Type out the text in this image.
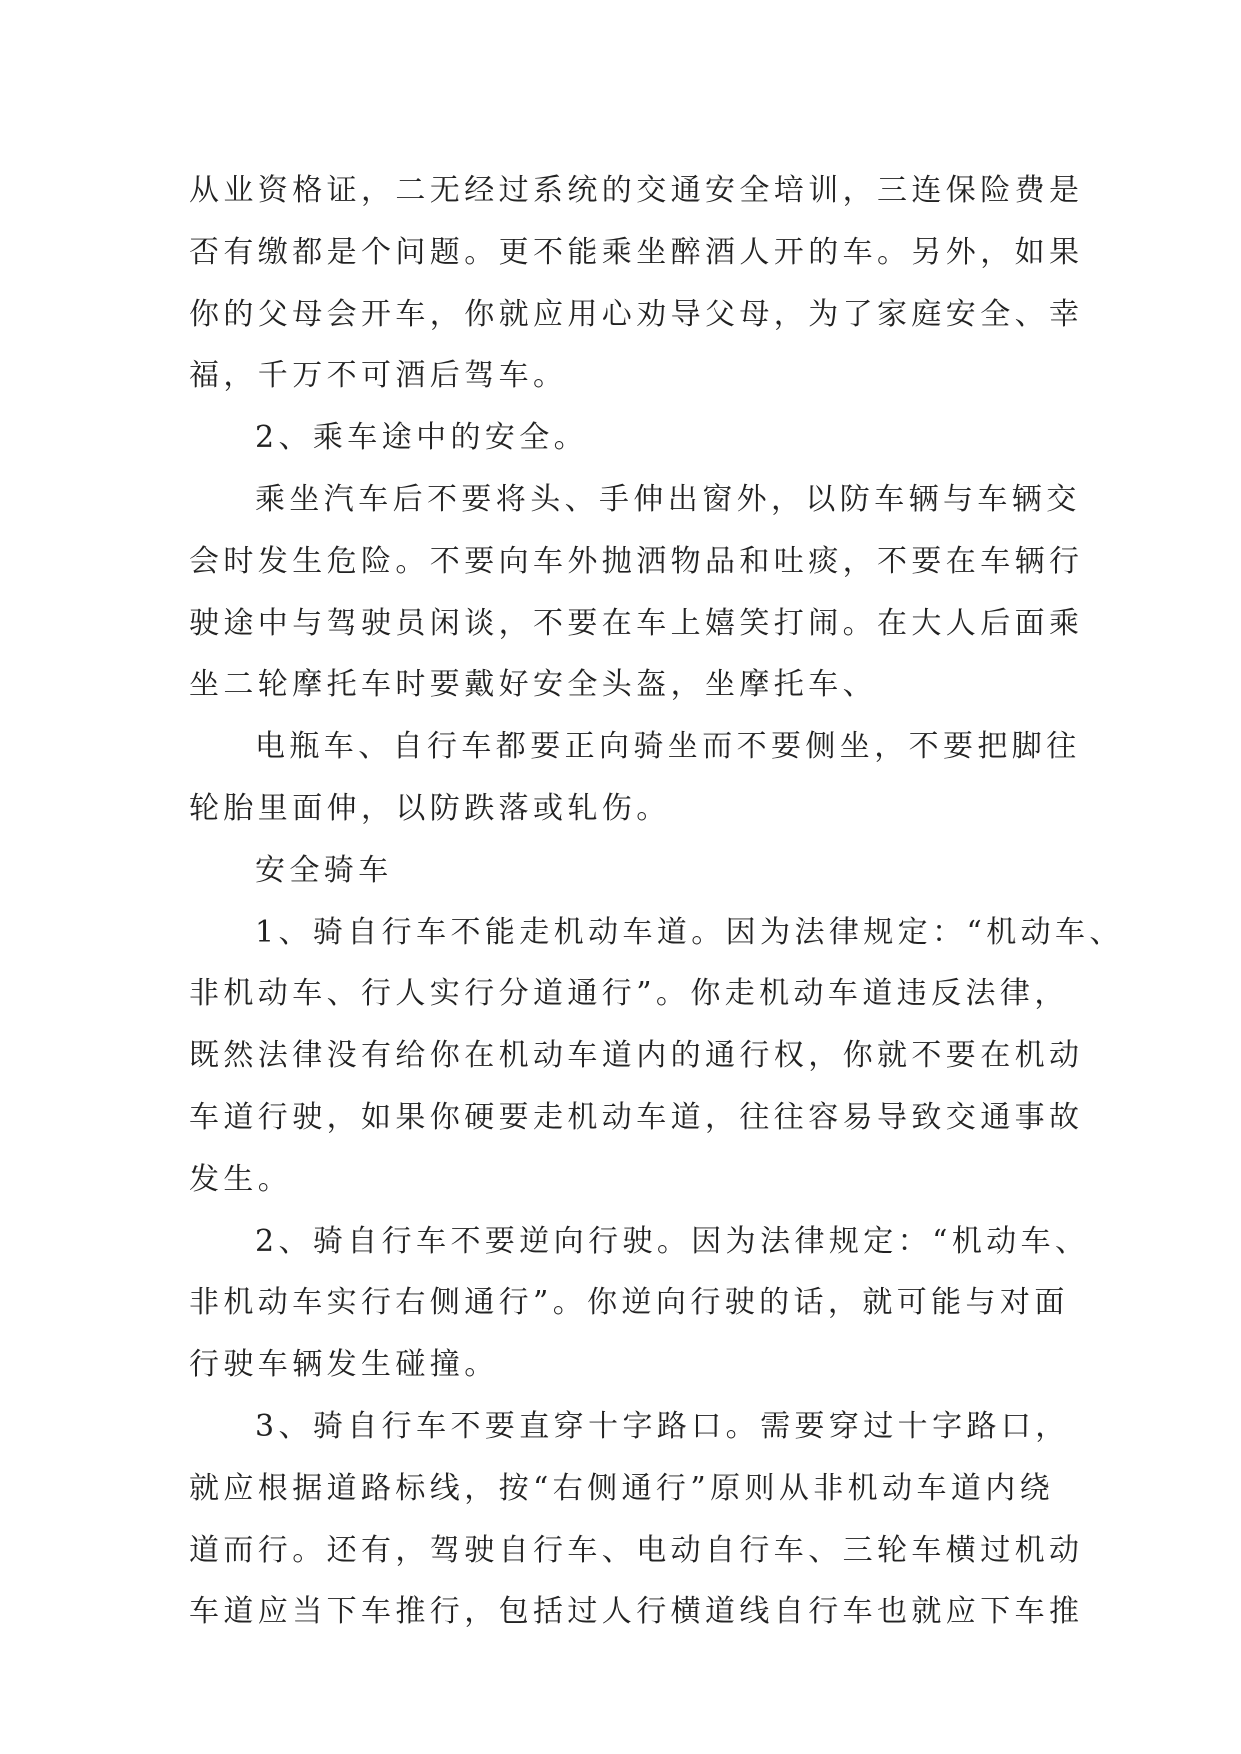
从业资格证，二无经过系统的交通安全培训，三连保险费是
否有缴都是个问题。更不能乘坐醉酒人开的车。另外，如果
你的父母会开车，你就应用心劝导父母，为了家庭安全、幸
福，千万不可酒后驾车。
2、乘车途中的安全。
乘坐汽车后不要将头、手伸出窗外，以防车辆与车辆交
会时发生危险。不要向车外抛洒物品和吐痰，不要在车辆行
驶途中与驾驶员闲谈，不要在车上嬉笑打闹。在大人后面乘
坐二轮摩托车时要戴好安全头盔，坐摩托车、
电瓶车、自行车都要正向骑坐而不要侧坐，不要把脚往
轮胎里面伸，以防跌落或轧伤。
安全骑车
1、骑自行车不能走机动车道。因为法律规定：“机动车、
非机动车、行人实行分道通行”。你走机动车道违反法律，
既然法律没有给你在机动车道内的通行权，你就不要在机动
车道行驶，如果你硬要走机动车道，往往容易导致交通事故
发生。
2、骑自行车不要逆向行驶。因为法律规定：“机动车、
非机动车实行右侧通行”。你逆向行驶的话，就可能与对面
行驶车辆发生碰撞。
3、骑自行车不要直穿十字路口。需要穿过十字路口，
就应根据道路标线，按“右侧通行”原则从非机动车道内绕
道而行。还有，驾驶自行车、电动自行车、三轮车横过机动
车道应当下车推行，包括过人行横道线自行车也就应下车推
